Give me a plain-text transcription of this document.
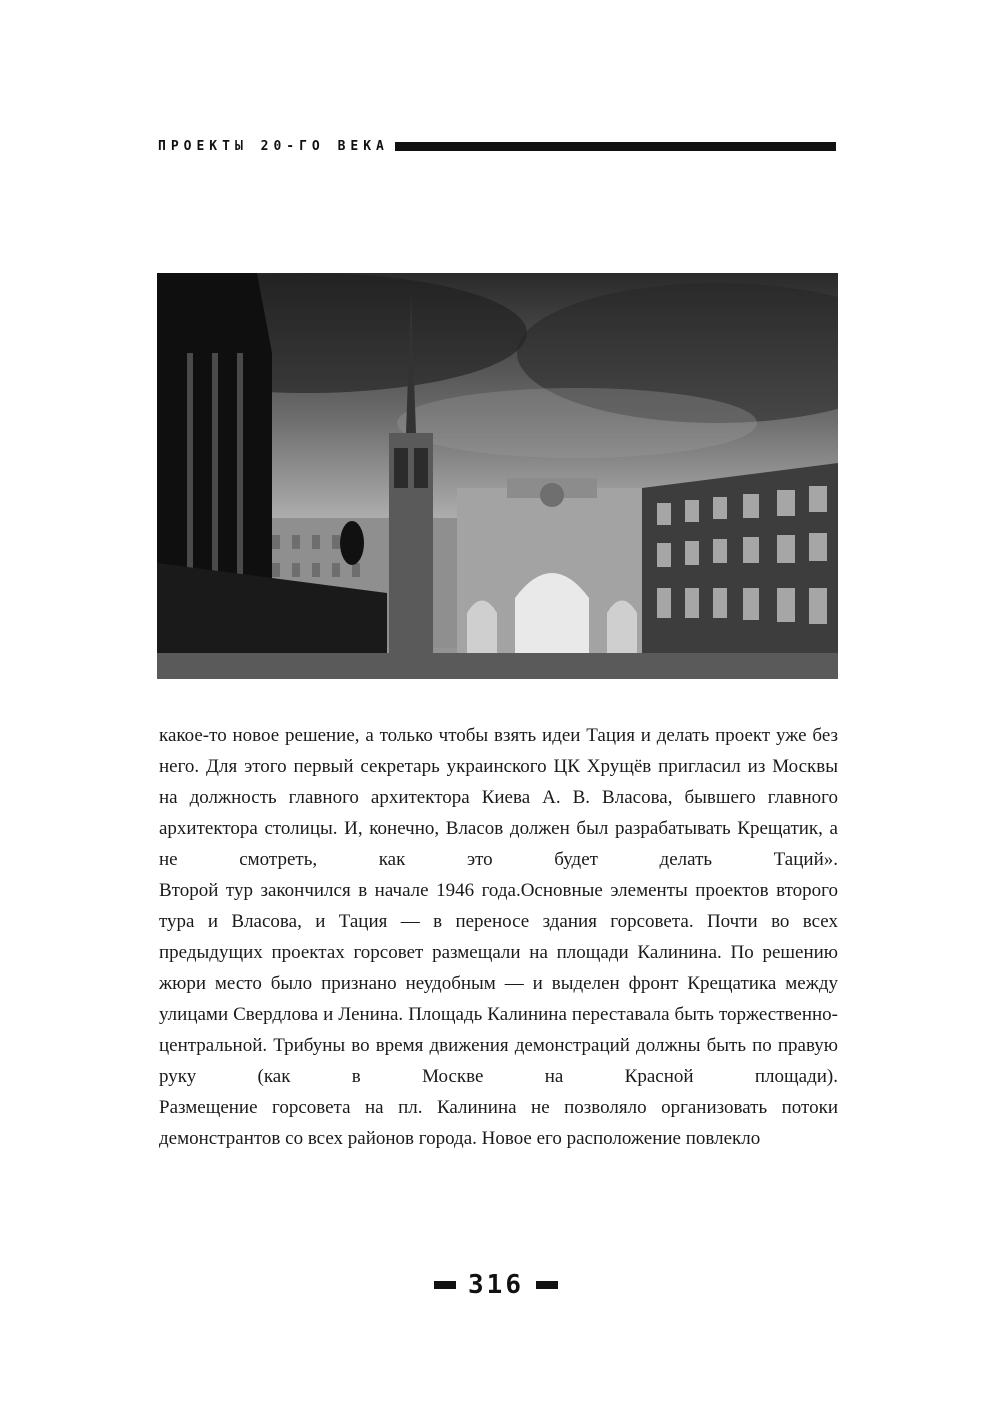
ПРОЕКТЫ 20-ГО ВЕКА

какое-то новое решение, а только чтобы взять идеи Тация и делать проект уже без него. Для этого первый секретарь украинского ЦК Хрущёв пригласил из Москвы на должность главного архитектора Киева А. В. Власова, бывшего главного архитектора столицы. И, конечно, Власов должен был разрабатывать Крещатик, а не смотреть, как это будет делать Таций».

Второй тур закончился в начале 1946 года.Основные элементы проектов второго тура и Власова, и Тация — в переносе здания горсовета. Почти во всех предыдущих проектах горсовет размещали на площади Калинина. По решению жюри место было признано неудобным — и выделен фронт Крещатика между улицами Свердлова и Ленина. Площадь Калинина переставала быть торжественно-центральной. Трибуны во время движения демонстраций должны быть по правую руку (как в Москве на Красной площади).

Размещение горсовета на пл. Калинина не позволяло организовать потоки демонстрантов со всех районов города. Новое его расположение повлекло

316
